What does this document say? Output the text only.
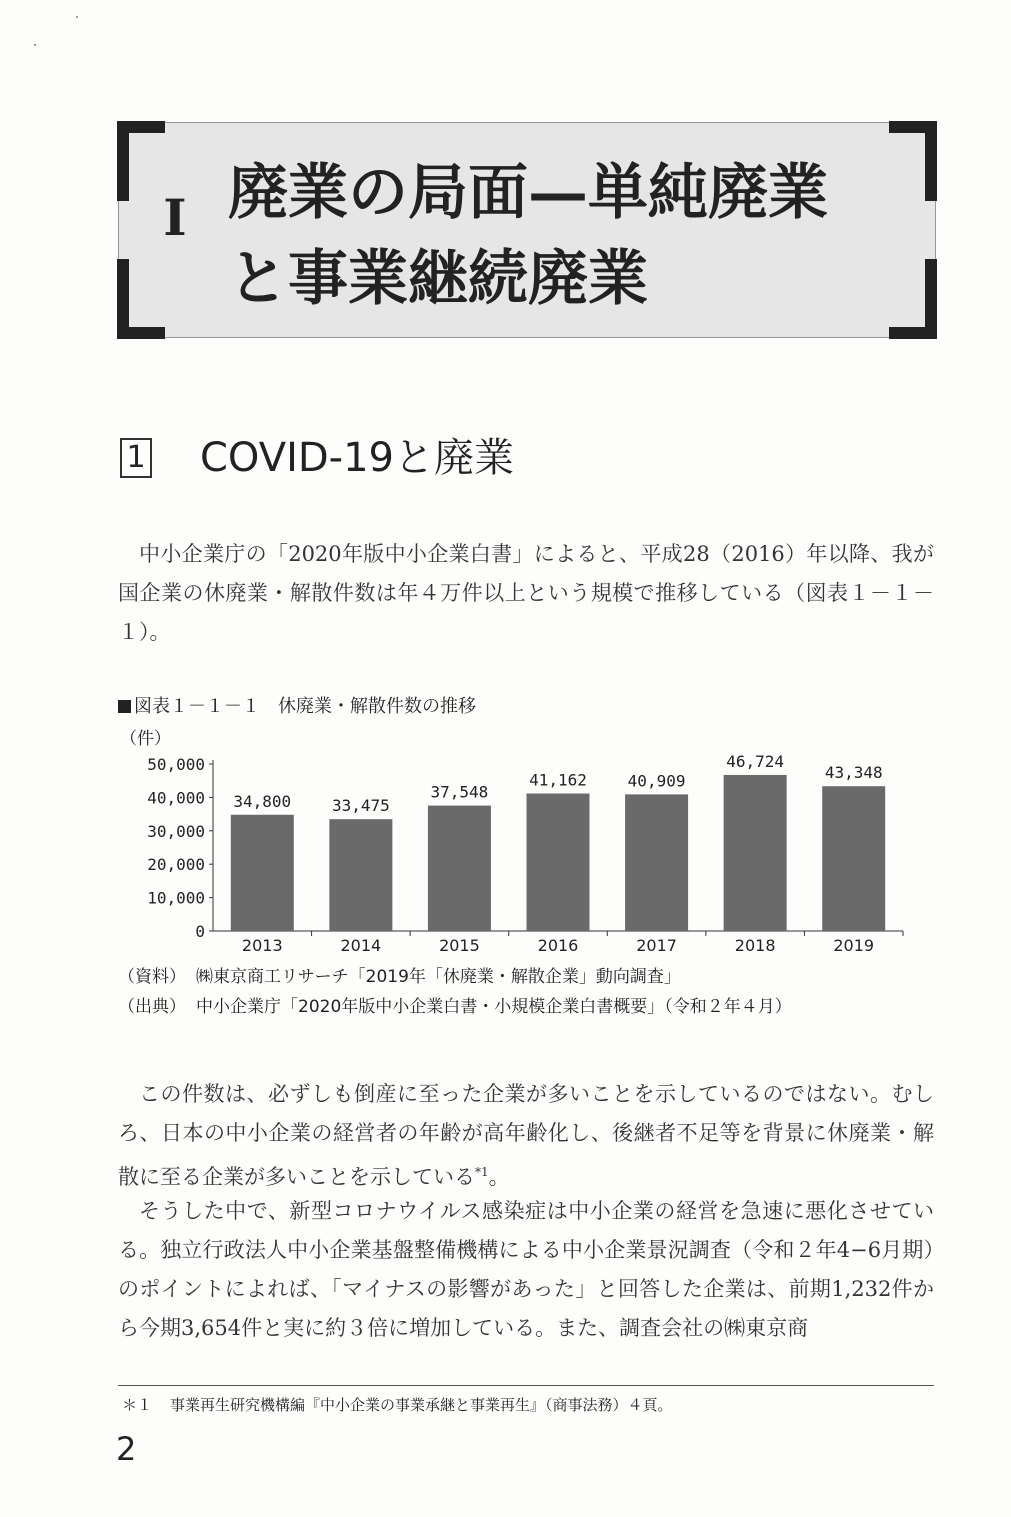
I 廃業の局面—単純廃業
と事業継続廃業
1 COVID-19と廃業
中小企業庁の「2020年版中小企業白書」によると、平成28（2016）年以降、我が国企業の休廃業・解散件数は年４万件以上という規模で推移している（図表１－１－１）。
図表１－１－１　休廃業・解散件数の推移
（件）
0
10,000
20,000
30,000
40,000
50,000
34,800
2013
33,475
2014
37,548
2015
41,162
2016
40,909
2017
46,724
2018
43,348
2019
（資料） ㈱東京商工リサーチ「2019年「休廃業・解散企業」動向調査」
（出典） 中小企業庁「2020年版中小企業白書・小規模企業白書概要」（令和２年４月）
この件数は、必ずしも倒産に至った企業が多いことを示しているのではない。むしろ、日本の中小企業の経営者の年齢が高年齢化し、後継者不足等を背景に休廃業・解散に至る企業が多いことを示している$^{*1}$。
そうした中で、新型コロナウイルス感染症は中小企業の経営を急速に悪化させている。独立行政法人中小企業基盤整備機構による中小企業景況調査（令和２年4−6月期）のポイントによれば、「マイナスの影響があった」と回答した企業は、前期1,232件から今期3,654件と実に約３倍に増加している。また、調査会社の㈱東京商
＊１ 事業再生研究機構編『中小企業の事業承継と事業再生』（商事法務）４頁。
2
